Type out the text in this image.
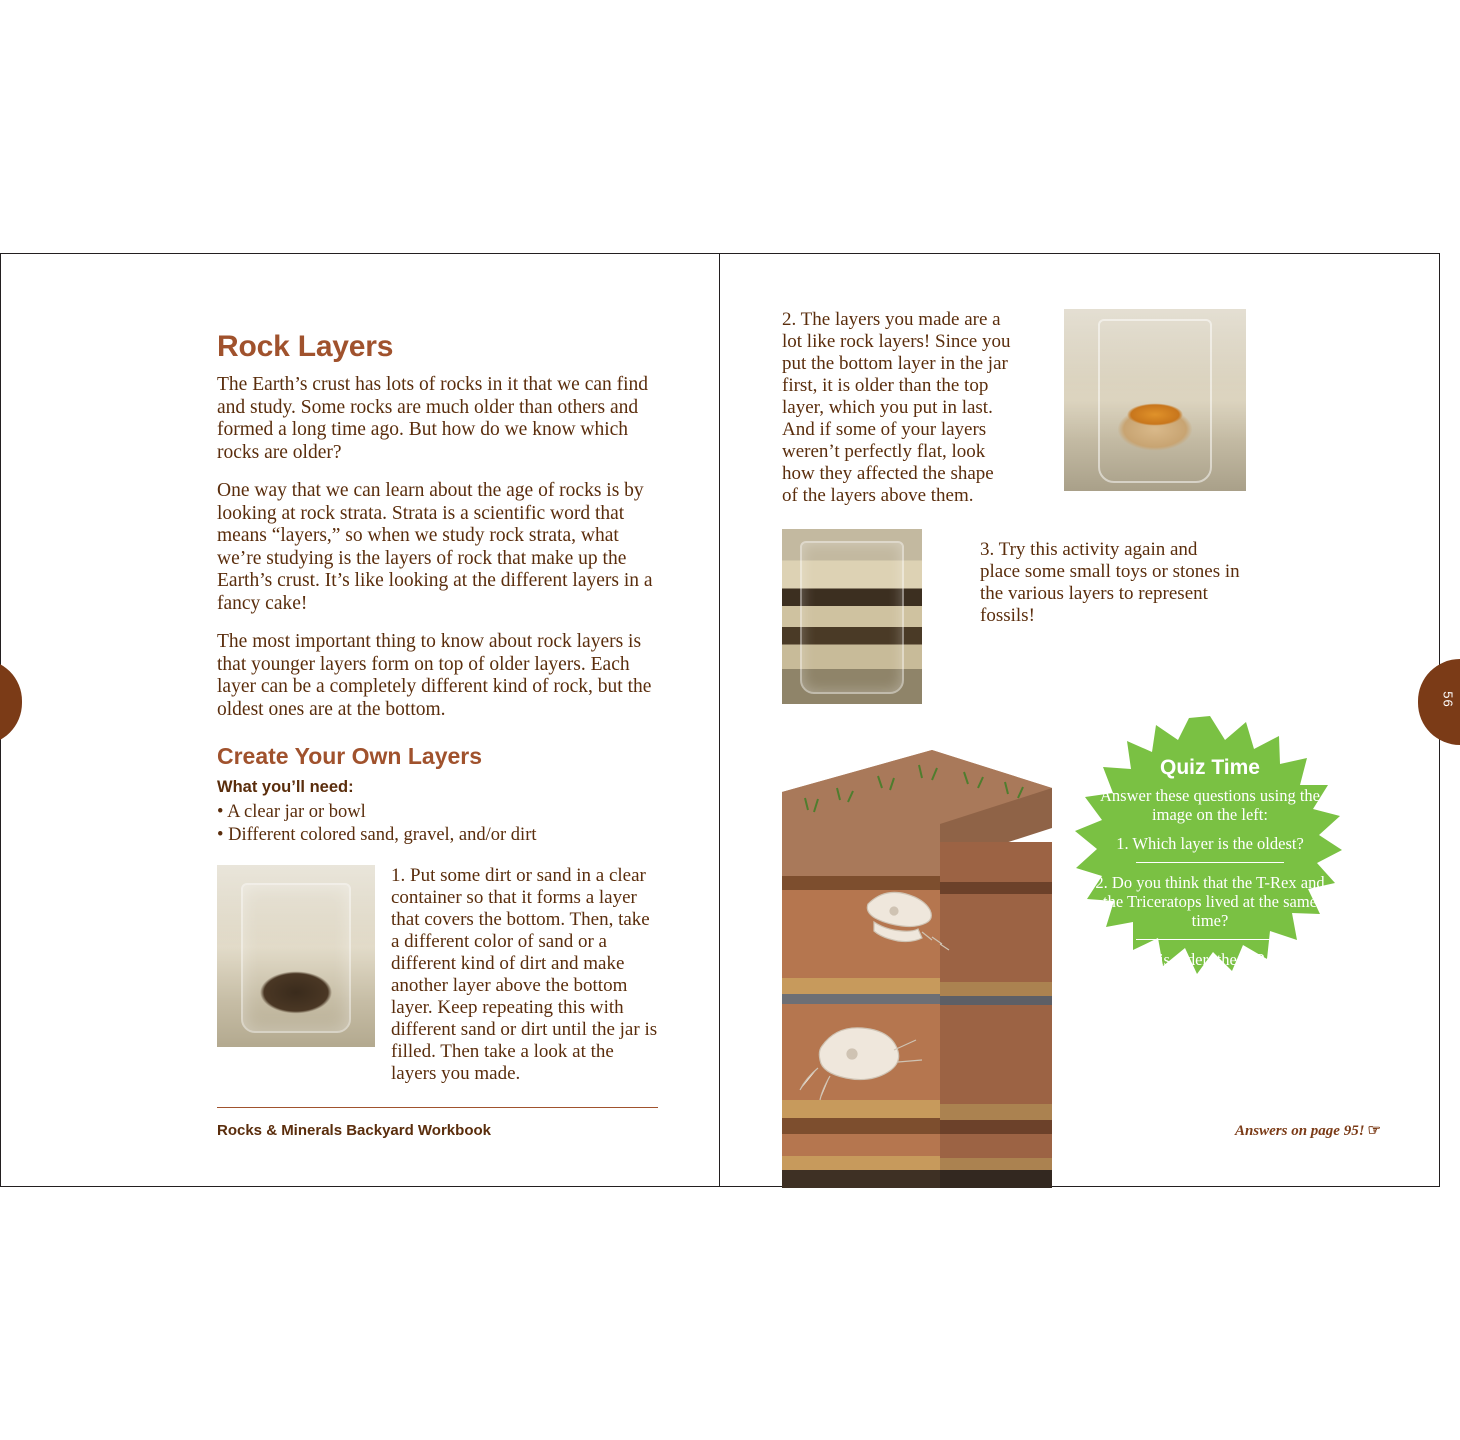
Rock Layers

The Earth’s crust has lots of rocks in it that we can find and study. Some rocks are much older than others and formed a long time ago. But how do we know which rocks are older?

One way that we can learn about the age of rocks is by looking at rock strata. Strata is a scientific word that means “layers,” so when we study rock strata, what we’re studying is the layers of rock that make up the Earth’s crust. It’s like looking at the different layers in a fancy cake!

The most important thing to know about rock layers is that younger layers form on top of older layers. Each layer can be a completely different kind of rock, but the oldest ones are at the bottom.

Create Your Own Layers
What you’ll need:
• A clear jar or bowl
• Different colored sand, gravel, and/or dirt
1. Put some dirt or sand in a clear container so that it forms a layer that covers the bottom. Then, take a different color of sand or a different kind of dirt and make another layer above the bottom layer. Keep repeating this with different sand or dirt until the jar is filled. Then take a look at the layers you made.
Rocks & Minerals Backyard Workbook
56
2. The layers you made are a lot like rock layers! Since you put the bottom layer in the jar first, it is older than the top layer, which you put in last. And if some of your layers weren’t perfectly flat, look how they affected the shape of the layers above them.
3. Try this activity again and place some small toys or stones in the various layers to represent fossils!
Quiz Time
Answer these questions using the image on the left:
1. Which layer is the oldest?
2. Do you think that the T-Rex and the Triceratops lived at the same time?
3. Which is older: the T-Rex fossil, or the Triceratops fossil?
Answers on page 95! ☞
